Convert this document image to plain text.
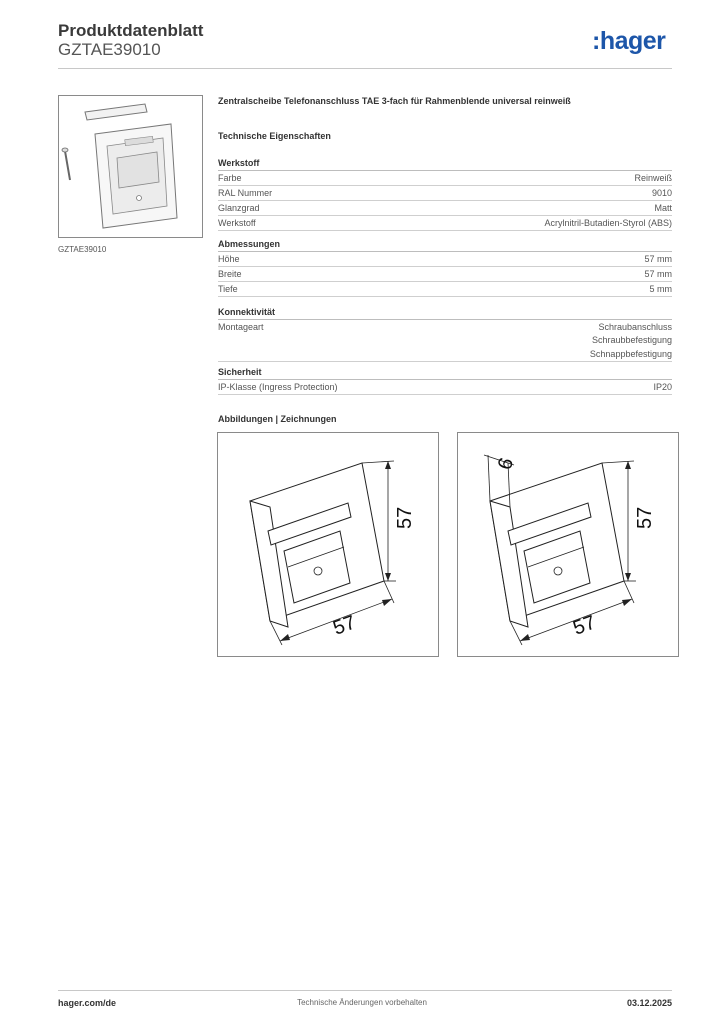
Produktdatenblatt
GZTAE39010	:hager
GZTAE39010
Zentralscheibe Telefonanschluss TAE 3-fach für Rahmenblende universal reinweiß
Technische Eigenschaften
Werkstoff
Farbe	Reinweiß
RAL Nummer	9010
Glanzgrad	Matt
Werkstoff	Acrylnitril-Butadien-Styrol (ABS)
Abmessungen
Höhe	57 mm
Breite	57 mm
Tiefe	5 mm
Konnektivität
Montageart	Schraubanschluss
Schraubbefestigung
Schnappbefestigung
Sicherheit
IP-Klasse (Ingress Protection)	IP20
Abbildungen | Zeichnungen
57
57
6
57
57
hager.com/de	Technische Änderungen vorbehalten	03.12.2025
